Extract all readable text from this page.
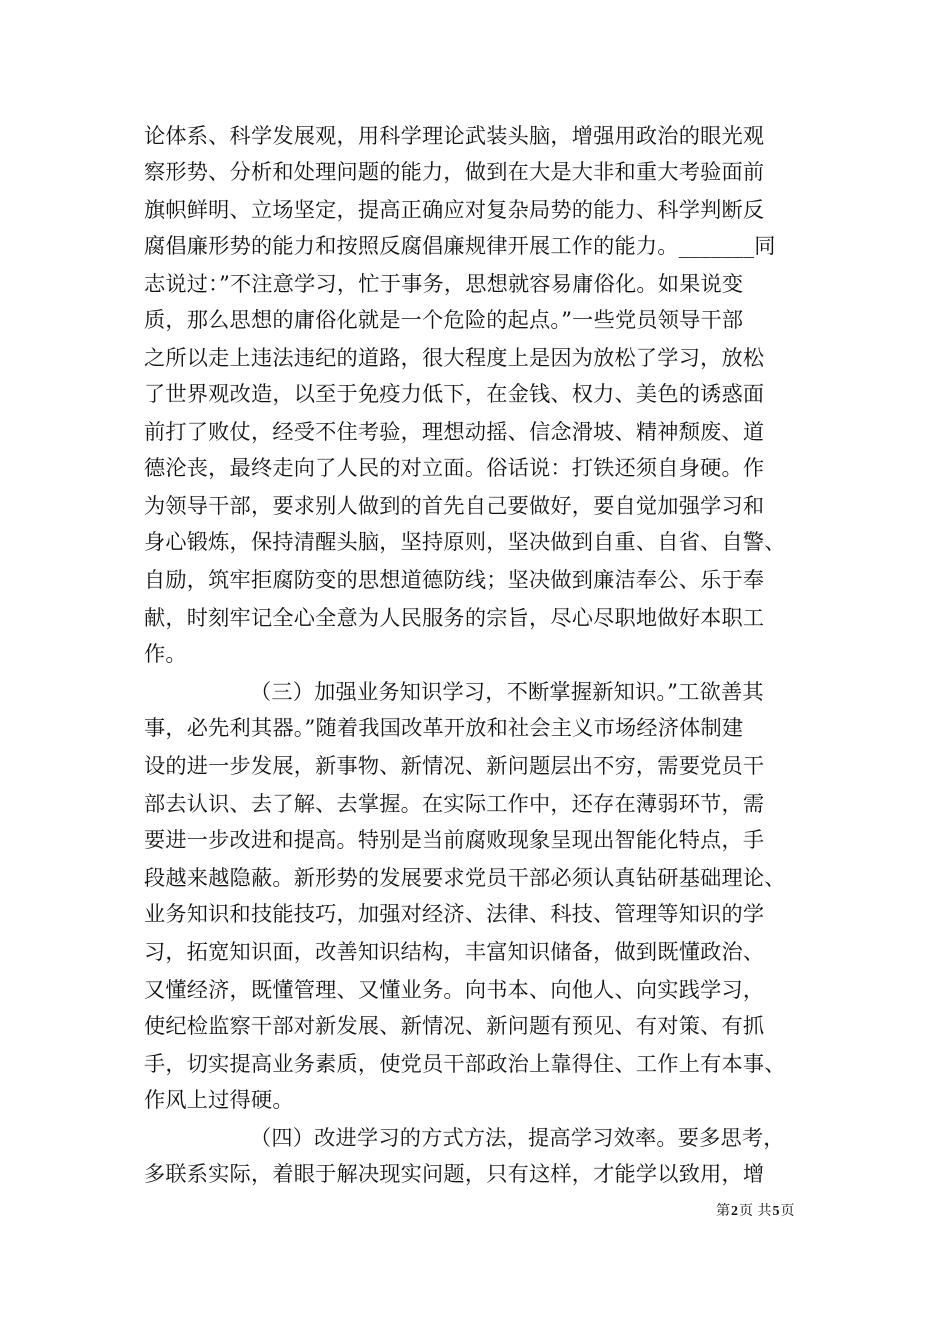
论体系、科学发展观，用科学理论武装头脑，增强用政治的眼光观
察形势、分析和处理问题的能力，做到在大是大非和重大考验面前
旗帜鲜明、立场坚定，提高正确应对复杂局势的能力、科学判断反
腐倡廉形势的能力和按照反腐倡廉规律开展工作的能力。_______同
志说过：”不注意学习，忙于事务，思想就容易庸俗化。如果说变
质，那么思想的庸俗化就是一个危险的起点。”一些党员领导干部
之所以走上违法违纪的道路，很大程度上是因为放松了学习，放松
了世界观改造，以至于免疫力低下，在金钱、权力、美色的诱惑面
前打了败仗，经受不住考验，理想动摇、信念滑坡、精神颓废、道
德沦丧，最终走向了人民的对立面。俗话说：打铁还须自身硬。作
为领导干部，要求别人做到的首先自己要做好，要自觉加强学习和
身心锻炼，保持清醒头脑，坚持原则，坚决做到自重、自省、自警、
自励，筑牢拒腐防变的思想道德防线；坚决做到廉洁奉公、乐于奉
献，时刻牢记全心全意为人民服务的宗旨，尽心尽职地做好本职工
作。
（三）加强业务知识学习，不断掌握新知识。”工欲善其
事，必先利其器。”随着我国改革开放和社会主义市场经济体制建
设的进一步发展，新事物、新情况、新问题层出不穷，需要党员干
部去认识、去了解、去掌握。在实际工作中，还存在薄弱环节，需
要进一步改进和提高。特别是当前腐败现象呈现出智能化特点，手
段越来越隐蔽。新形势的发展要求党员干部必须认真钻研基础理论、
业务知识和技能技巧，加强对经济、法律、科技、管理等知识的学
习，拓宽知识面，改善知识结构，丰富知识储备，做到既懂政治、
又懂经济，既懂管理、又懂业务。向书本、向他人、向实践学习，
使纪检监察干部对新发展、新情况、新问题有预见、有对策、有抓
手，切实提高业务素质，使党员干部政治上靠得住、工作上有本事、
作风上过得硬。
（四）改进学习的方式方法，提高学习效率。要多思考，
多联系实际，着眼于解决现实问题，只有这样，才能学以致用，增
第2页 共5页
